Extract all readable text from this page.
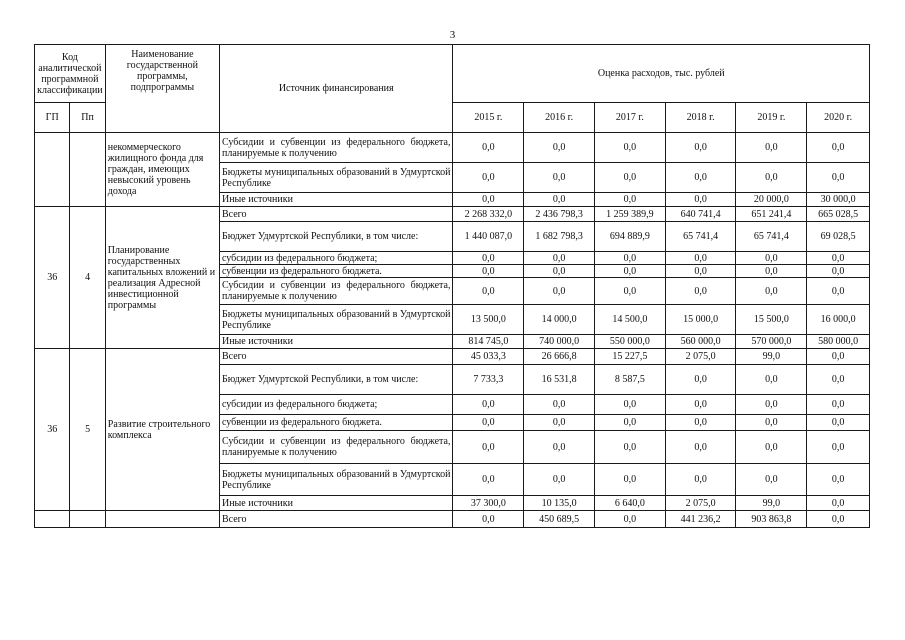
3
Код аналитической программной классификации		Наименование государственной программы, подпрограммы	Источник финансирования	Оценка расходов, тыс. рублей					
ГП	Пп			2015 г.	2016 г.	2017 г.	2018 г.	2019 г.	2020 г.
		некоммерческого жилищного фонда для граждан, имеющих невысокий уровень дохода	Субсидии и субвенции из федерального бюджета, планируемые к получению	0,0	0,0	0,0	0,0	0,0	0,0
			Бюджеты муниципальных образований в Удмуртской Республике	0,0	0,0	0,0	0,0	0,0	0,0
			Иные источники	0,0	0,0	0,0	0,0	20 000,0	30 000,0
36	4	Планирование государственных капитальных вложений и реализация Адресной инвестиционной программы	Всего	2 268 332,0	2 436 798,3	1 259 389,9	640 741,4	651 241,4	665 028,5
			Бюджет Удмуртской Республики, в том числе:	1 440 087,0	1 682 798,3	694 889,9	65 741,4	65 741,4	69 028,5
			субсидии из федерального бюджета;	0,0	0,0	0,0	0,0	0,0	0,0
			субвенции из федерального бюджета.	0,0	0,0	0,0	0,0	0,0	0,0
			Субсидии и субвенции из федерального бюджета, планируемые к получению	0,0	0,0	0,0	0,0	0,0	0,0
			Бюджеты муниципальных образований в Удмуртской Республике	13 500,0	14 000,0	14 500,0	15 000,0	15 500,0	16 000,0
			Иные источники	814 745,0	740 000,0	550 000,0	560 000,0	570 000,0	580 000,0
36	5	Развитие строительного комплекса	Всего	45 033,3	26 666,8	15 227,5	2 075,0	99,0	0,0
			Бюджет Удмуртской Республики, в том числе:	7 733,3	16 531,8	8 587,5	0,0	0,0	0,0
			субсидии из федерального бюджета;	0,0	0,0	0,0	0,0	0,0	0,0
			субвенции из федерального бюджета.	0,0	0,0	0,0	0,0	0,0	0,0
			Субсидии и субвенции из федерального бюджета, планируемые к получению	0,0	0,0	0,0	0,0	0,0	0,0
			Бюджеты муниципальных образований в Удмуртской Республике	0,0	0,0	0,0	0,0	0,0	0,0
			Иные источники	37 300,0	10 135,0	6 640,0	2 075,0	99,0	0,0
			Всего	0,0	450 689,5	0,0	441 236,2	903 863,8	0,0
